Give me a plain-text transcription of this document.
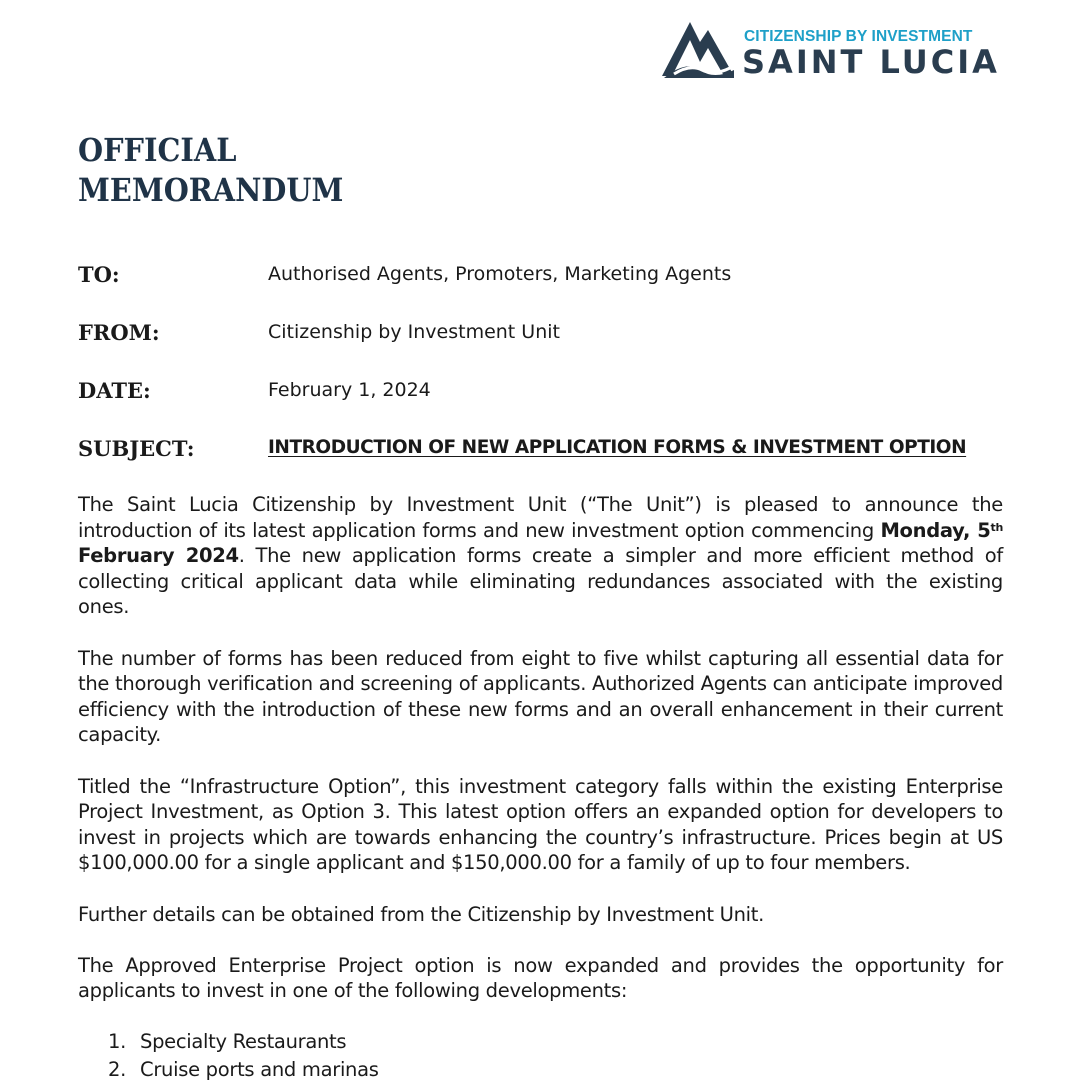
CITIZENSHIP BY INVESTMENT
SAINT LUCIA
OFFICIAL
MEMORANDUM
TO:	Authorised Agents, Promoters, Marketing Agents
FROM:	Citizenship by Investment Unit
DATE:	February 1, 2024
SUBJECT:	INTRODUCTION OF NEW APPLICATION FORMS & INVESTMENT OPTION

The Saint Lucia Citizenship by Investment Unit (“The Unit”) is pleased to announce the introduction of its latest application forms and new investment option commencing Monday, 5th February 2024. The new application forms create a simpler and more efficient method of collecting critical applicant data while eliminating redundances associated with the existing ones.

The number of forms has been reduced from eight to five whilst capturing all essential data for the thorough verification and screening of applicants. Authorized Agents can anticipate improved efficiency with the introduction of these new forms and an overall enhancement in their current capacity.

Titled the “Infrastructure Option”, this investment category falls within the existing Enterprise Project Investment, as Option 3. This latest option offers an expanded option for developers to invest in projects which are towards enhancing the country’s infrastructure. Prices begin at US $100,000.00 for a single applicant and $150,000.00 for a family of up to four members.

Further details can be obtained from the Citizenship by Investment Unit.

The Approved Enterprise Project option is now expanded and provides the opportunity for applicants to invest in one of the following developments:

1. Specialty Restaurants
2. Cruise ports and marinas
